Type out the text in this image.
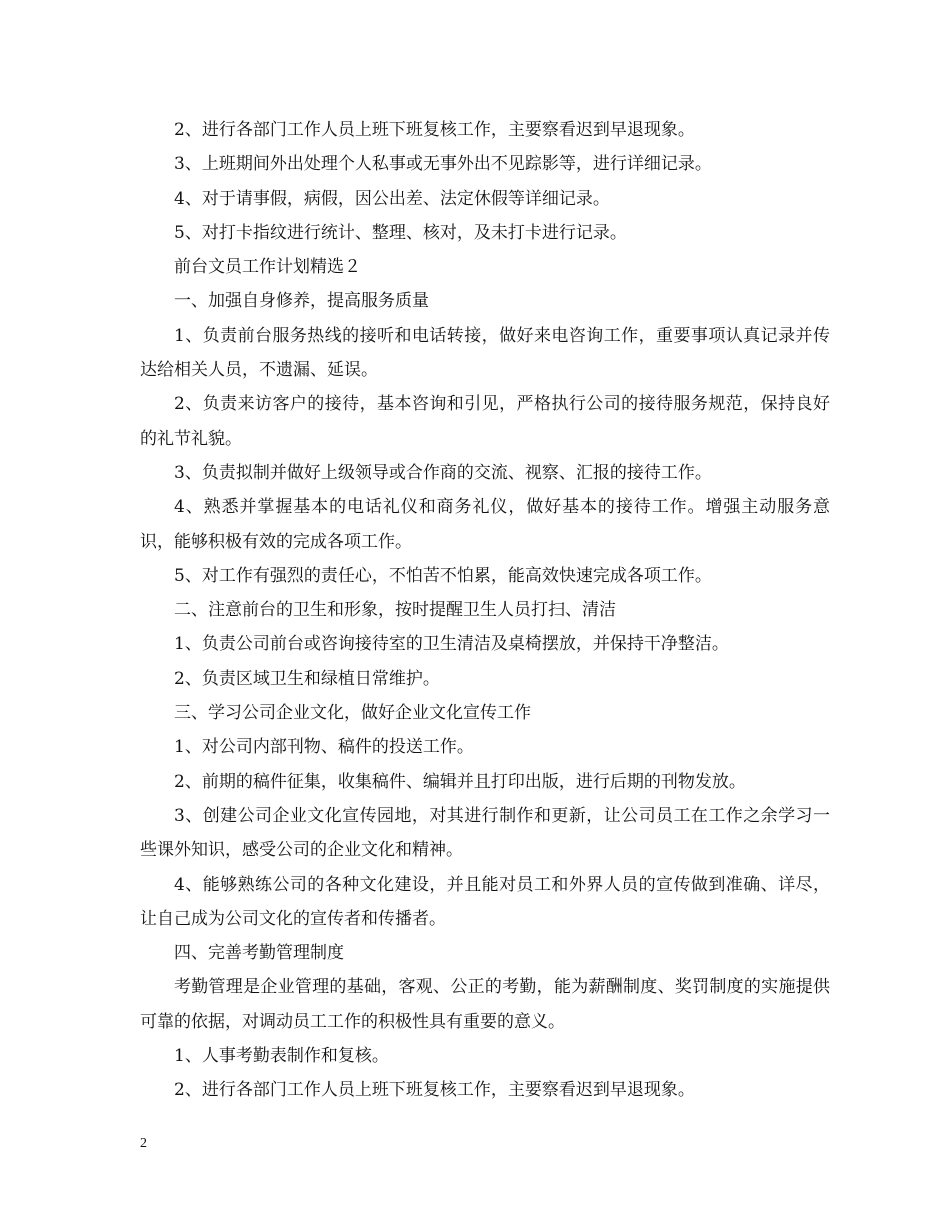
2、进行各部门工作人员上班下班复核工作，主要察看迟到早退现象。

3、上班期间外出处理个人私事或无事外出不见踪影等，进行详细记录。

4、对于请事假，病假，因公出差、法定休假等详细记录。

5、对打卡指纹进行统计、整理、核对，及未打卡进行记录。

前台文员工作计划精选２

一、加强自身修养，提高服务质量

1、负责前台服务热线的接听和电话转接，做好来电咨询工作，重要事项认真记录并传达给相关人员，不遗漏、延误。

2、负责来访客户的接待，基本咨询和引见，严格执行公司的接待服务规范，保持良好的礼节礼貌。

3、负责拟制并做好上级领导或合作商的交流、视察、汇报的接待工作。

4、熟悉并掌握基本的电话礼仪和商务礼仪，做好基本的接待工作。增强主动服务意识，能够积极有效的完成各项工作。

5、对工作有强烈的责任心，不怕苦不怕累，能高效快速完成各项工作。

二、注意前台的卫生和形象，按时提醒卫生人员打扫、清洁

1、负责公司前台或咨询接待室的卫生清洁及桌椅摆放，并保持干净整洁。

2、负责区域卫生和绿植日常维护。

三、学习公司企业文化，做好企业文化宣传工作

1、对公司内部刊物、稿件的投送工作。

2、前期的稿件征集，收集稿件、编辑并且打印出版，进行后期的刊物发放。

3、创建公司企业文化宣传园地，对其进行制作和更新，让公司员工在工作之余学习一些课外知识，感受公司的企业文化和精神。

4、能够熟练公司的各种文化建设，并且能对员工和外界人员的宣传做到准确、详尽，让自己成为公司文化的宣传者和传播者。

四、完善考勤管理制度

考勤管理是企业管理的基础，客观、公正的考勤，能为薪酬制度、奖罚制度的实施提供可靠的依据，对调动员工工作的积极性具有重要的意义。

1、人事考勤表制作和复核。

2、进行各部门工作人员上班下班复核工作，主要察看迟到早退现象。

2
